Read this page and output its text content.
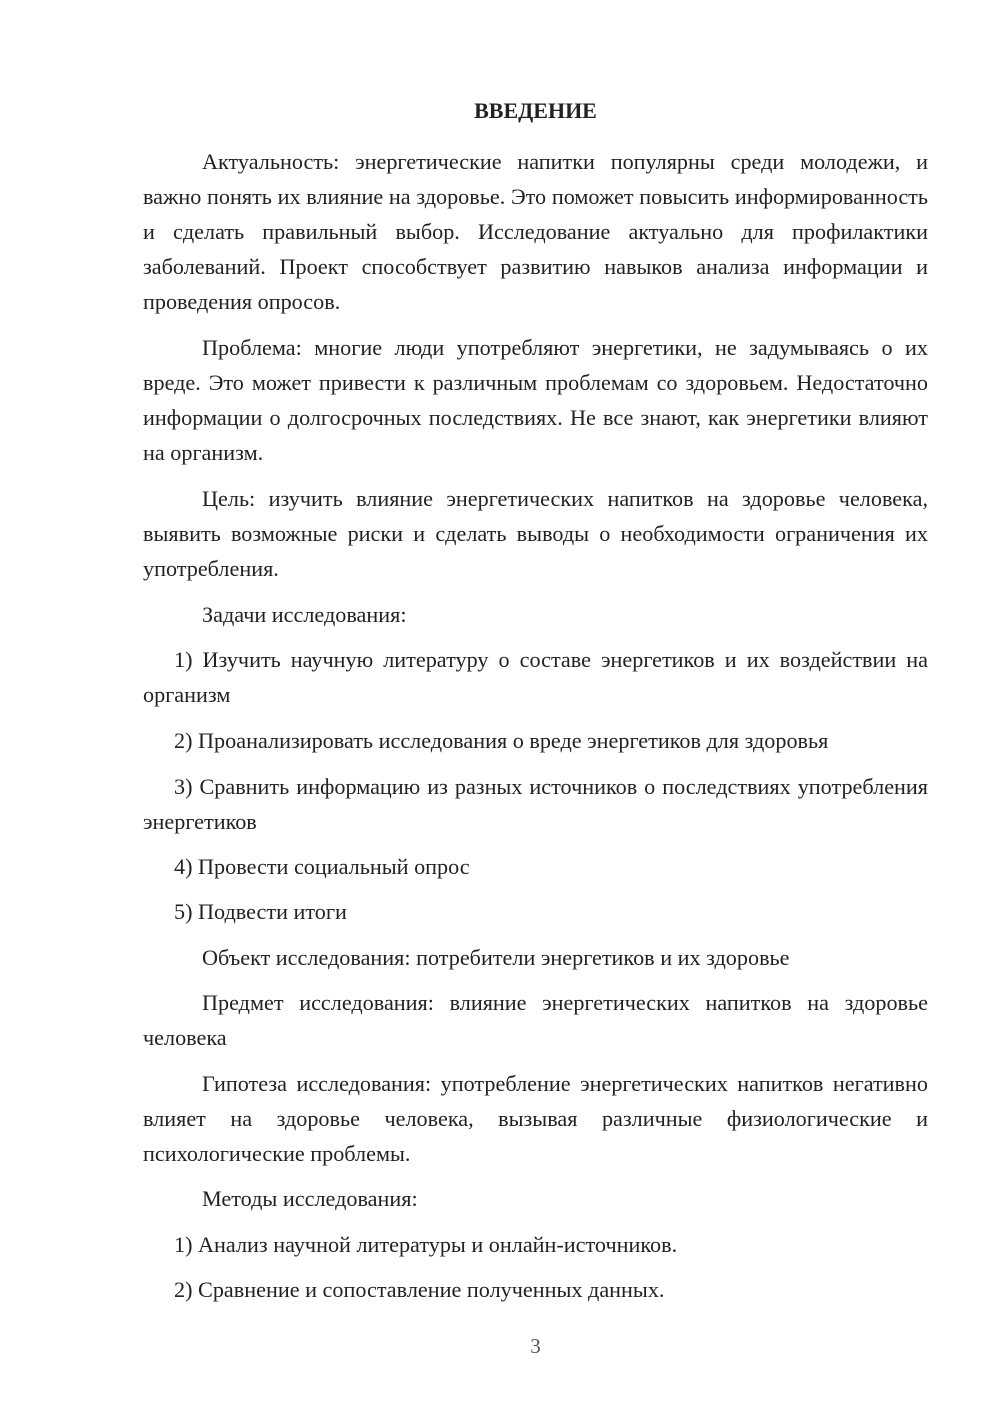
ВВЕДЕНИЕ

Актуальность: энергетические напитки популярны среди молодежи, и важно понять их влияние на здоровье. Это поможет повысить информированность и сделать правильный выбор. Исследование актуально для профилактики заболеваний. Проект способствует развитию навыков анализа информации и проведения опросов.

Проблема: многие люди употребляют энергетики, не задумываясь о их вреде. Это может привести к различным проблемам со здоровьем. Недостаточно информации о долгосрочных последствиях. Не все знают, как энергетики влияют на организм.

Цель: изучить влияние энергетических напитков на здоровье человека, выявить возможные риски и сделать выводы о необходимости ограничения их употребления.

Задачи исследования:

1) Изучить научную литературу о составе энергетиков и их воздействии на организм

2) Проанализировать исследования о вреде энергетиков для здоровья

3) Сравнить информацию из разных источников о последствиях употребления энергетиков

4) Провести социальный опрос

5) Подвести итоги

Объект исследования: потребители энергетиков и их здоровье

Предмет исследования: влияние энергетических напитков на здоровье человека

Гипотеза исследования: употребление энергетических напитков негативно влияет на здоровье человека, вызывая различные физиологические и психологические проблемы.

Методы исследования:

1) Анализ научной литературы и онлайн-источников.

2) Сравнение и сопоставление полученных данных.

3
